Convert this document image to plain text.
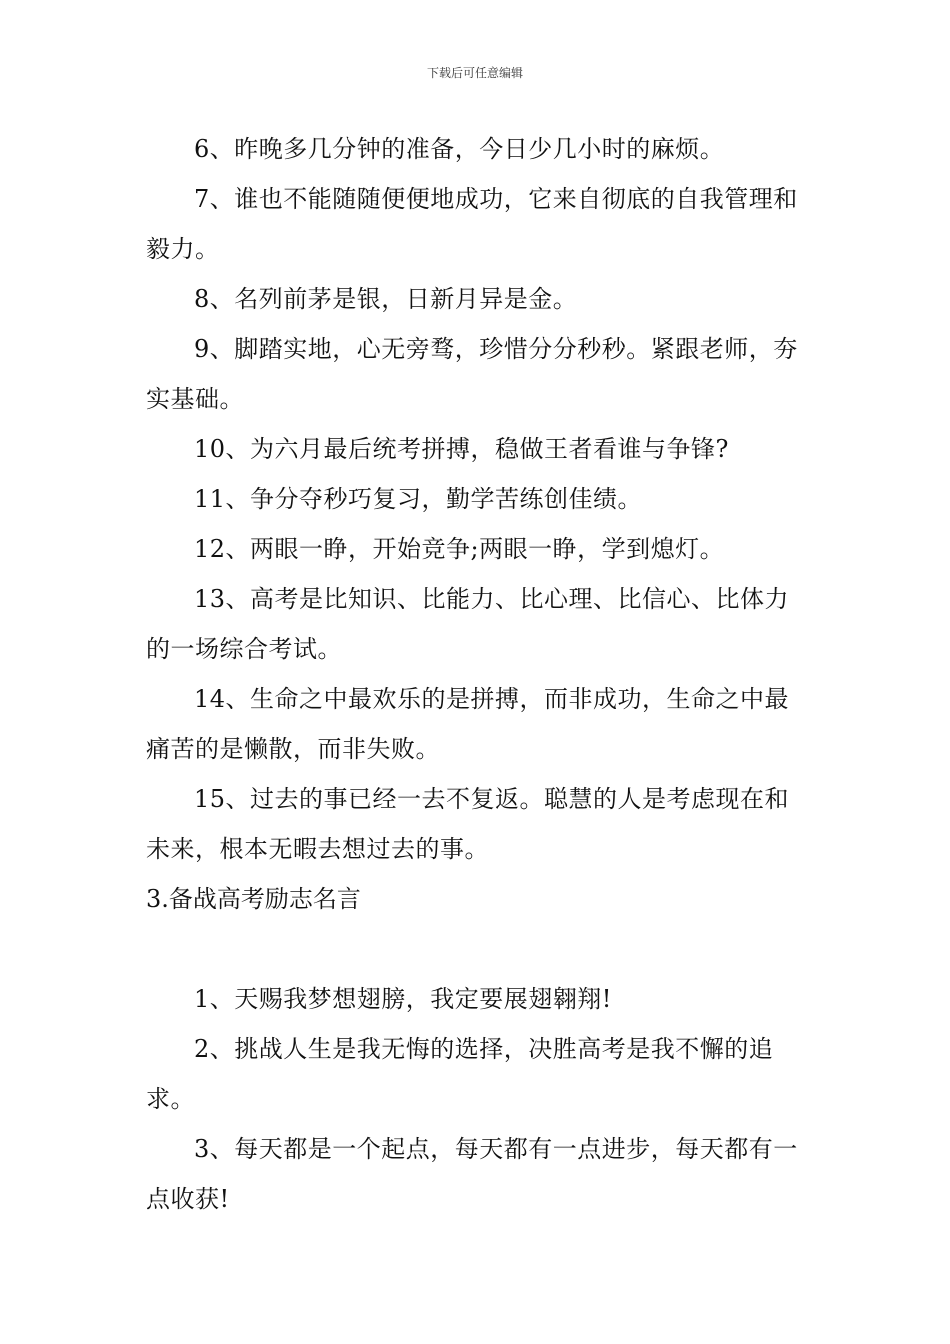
下载后可任意编辑

6、昨晚多几分钟的准备，今日少几小时的麻烦。

7、谁也不能随随便便地成功，它来自彻底的自我管理和毅力。

8、名列前茅是银，日新月异是金。

9、脚踏实地，心无旁骛，珍惜分分秒秒。紧跟老师，夯实基础。

10、为六月最后统考拼搏，稳做王者看谁与争锋?

11、争分夺秒巧复习，勤学苦练创佳绩。

12、两眼一睁，开始竞争;两眼一睁，学到熄灯。

13、高考是比知识、比能力、比心理、比信心、比体力的一场综合考试。

14、生命之中最欢乐的是拼搏，而非成功，生命之中最痛苦的是懒散，而非失败。

15、过去的事已经一去不复返。聪慧的人是考虑现在和未来，根本无暇去想过去的事。

3.备战高考励志名言

1、天赐我梦想翅膀，我定要展翅翱翔!

2、挑战人生是我无悔的选择，决胜高考是我不懈的追求。

3、每天都是一个起点，每天都有一点进步，每天都有一点收获!
